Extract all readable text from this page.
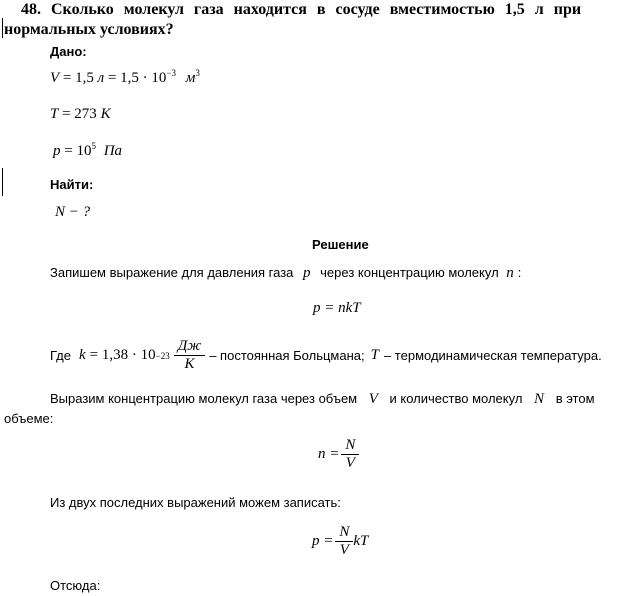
48. Сколько молекул газа находится в сосуде вместимостью 1,5 л при
нормальных условиях?
Дано:
V = 1,5 $л = 1,5 \cdot 10^{-3}$ $м^3$
T = 273 K
$p = 10^5$ Па
Найти:
N − ?
Решение
Запишем выражение для давления газа p через концентрацию молекул n :
p = nkT
Где $k = 1,38 \cdot 10 -23 \frac{Дж}{К}$ – постоянная Больцмана; T – термодинамическая температура.
Выразим концентрацию молекул газа через объем V и количество молекул N в этом
объеме:
$n = \frac{N}{V}$
Из двух последних выражений можем записать:
$p = \frac{N}{V}$ kT
Отсюда:
